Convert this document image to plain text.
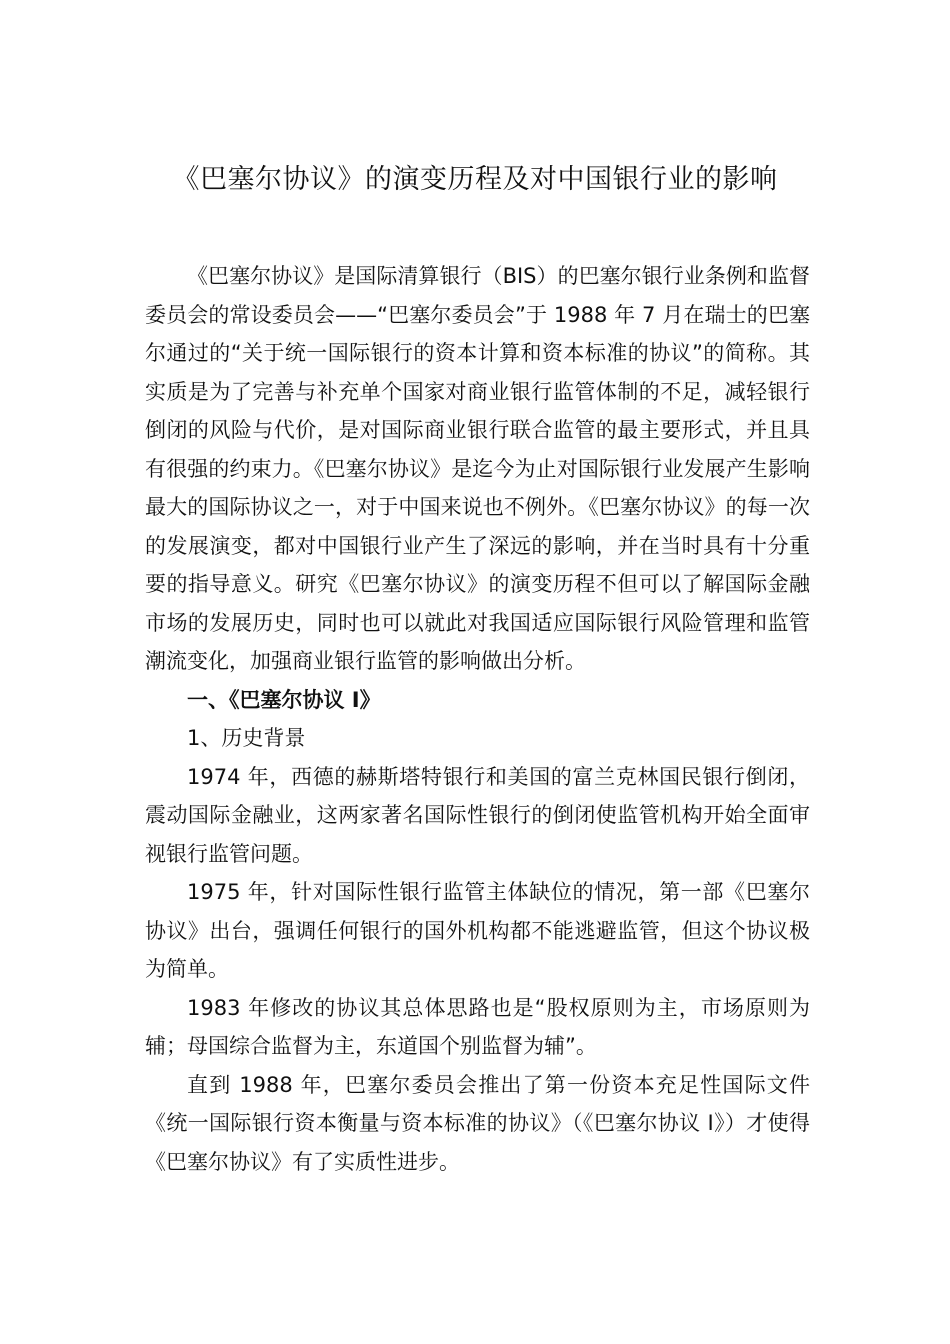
《巴塞尔协议》的演变历程及对中国银行业的影响

《巴塞尔协议》是国际清算银行（BIS）的巴塞尔银行业条例和监督委员会的常设委员会——“巴塞尔委员会”于 1988 年 7 月在瑞士的巴塞尔通过的“关于统一国际银行的资本计算和资本标准的协议”的简称。其实质是为了完善与补充单个国家对商业银行监管体制的不足，减轻银行倒闭的风险与代价，是对国际商业银行联合监管的最主要形式，并且具有很强的约束力。《巴塞尔协议》是迄今为止对国际银行业发展产生影响最大的国际协议之一，对于中国来说也不例外。《巴塞尔协议》的每一次的发展演变，都对中国银行业产生了深远的影响，并在当时具有十分重要的指导意义。研究《巴塞尔协议》的演变历程不但可以了解国际金融市场的发展历史，同时也可以就此对我国适应国际银行风险管理和监管潮流变化，加强商业银行监管的影响做出分析。

一、《巴塞尔协议 I》

1、历史背景

1974 年，西德的赫斯塔特银行和美国的富兰克林国民银行倒闭，震动国际金融业，这两家著名国际性银行的倒闭使监管机构开始全面审视银行监管问题。

1975 年，针对国际性银行监管主体缺位的情况，第一部《巴塞尔协议》出台，强调任何银行的国外机构都不能逃避监管，但这个协议极为简单。

1983 年修改的协议其总体思路也是“股权原则为主，市场原则为辅；母国综合监督为主，东道国个别监督为辅”。

直到 1988 年，巴塞尔委员会推出了第一份资本充足性国际文件《统一国际银行资本衡量与资本标准的协议》（《巴塞尔协议 I》）才使得《巴塞尔协议》有了实质性进步。
